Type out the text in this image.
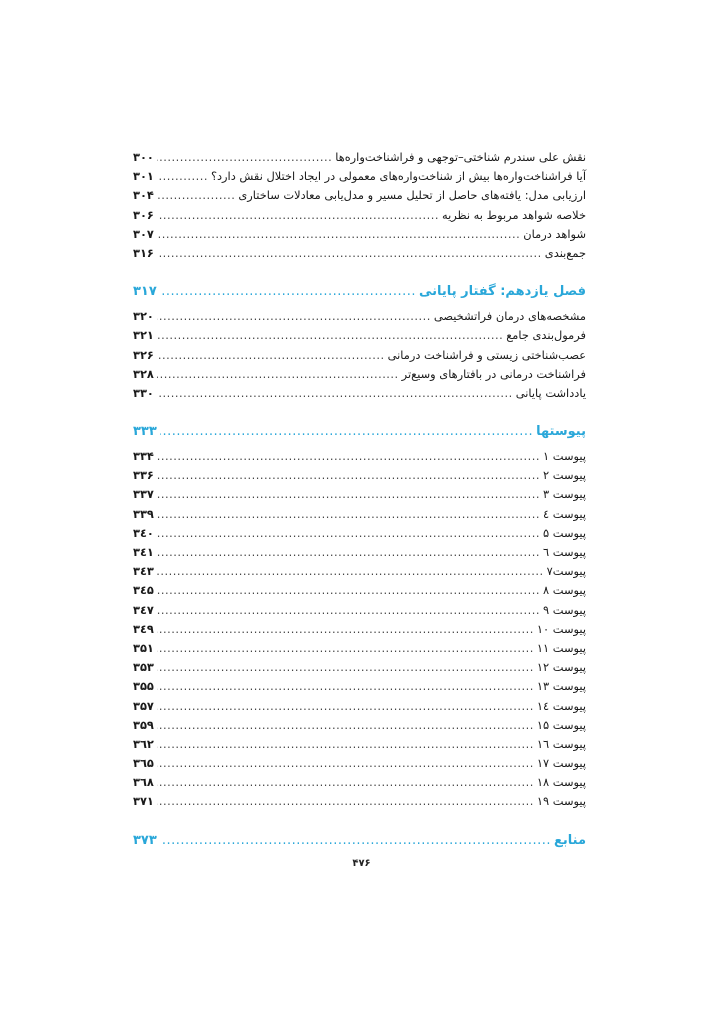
نقش علی سندرم شناختی–توجهی و فراشناخت‌واره‌ها
.....
۳۰۰
آیا فراشناخت‌واره‌ها بیش از شناخت‌واره‌های معمولی در ایجاد اختلال نقش دارد؟
.....
۳۰۱
ارزیابی مدل: یافته‌های حاصل از تحلیل مسیر و مدل‌یابی معادلات ساختاری
.....
۳۰۴
خلاصه شواهد مربوط به نظریه
.....
۳۰۶
شواهد درمان
.....
۳۰۷
جمع‌بندی
.....
۳۱۶
فصل یازدهم: گفتار پایانی
.....
۳۱۷
مشخصه‌های درمان فراتشخیصی
.....
۳۲۰
فرمول‌بندی جامع
.....
۳۲۱
عصب‌شناختی زیستی و فراشناخت درمانی
.....
۳۲۶
فراشناخت درمانی در بافتارهای وسیع‌تر
.....
۳۲۸
یادداشت پایانی
.....
۳۳۰
پیوستها
.....
۳۳۳
پیوست ۱
.....
۳۳۴
پیوست ۲
.....
۳۳۶
پیوست ۳
.....
۳۳۷
پیوست ٤
.....
۳۳۹
پیوست ۵
.....
۳٤۰
پیوست ٦
.....
۳٤۱
پیوست۷
.....
۳٤۳
پیوست ۸
.....
۳٤۵
پیوست ۹
.....
۳٤۷
پیوست ۱۰
.....
۳٤۹
پیوست ۱۱
.....
۳۵۱
پیوست ۱۲
.....
۳۵۳
پیوست ۱۳
.....
۳۵۵
پیوست ۱٤
.....
۳۵۷
پیوست ۱۵
.....
۳۵۹
پیوست ۱٦
.....
۳٦۲
پیوست ۱۷
.....
۳٦۵
پیوست ۱۸
.....
۳٦۸
پیوست ۱۹
.....
۳۷۱
منابع
.....
۳۷۳
۴۷۶
